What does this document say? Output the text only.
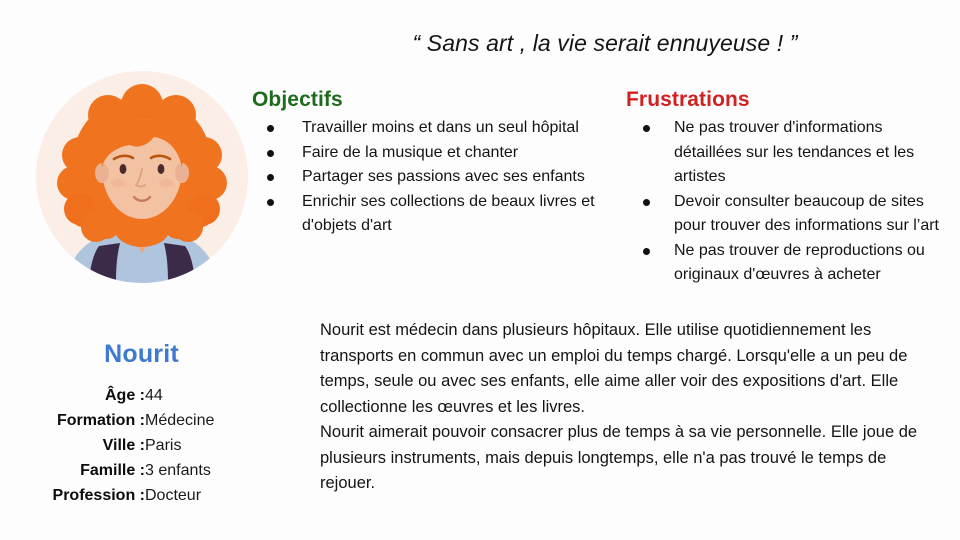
“ Sans art , la vie serait ennuyeuse ! ”
Nourit
Âge :	44
Formation :	Médecine
Ville :	Paris
Famille :	3 enfants
Profession :	Docteur
Objectifs
Travailler moins et dans un seul hôpital
Faire de la musique et chanter
Partager ses passions avec ses enfants
Enrichir ses collections de beaux livres et d'objets d'art
Frustrations
Ne pas trouver d'informations détaillées sur les tendances et les artistes
Devoir consulter beaucoup de sites pour trouver des informations sur l’art
Ne pas trouver de reproductions ou originaux d'œuvres à acheter

Nourit est médecin dans plusieurs hôpitaux. Elle utilise quotidiennement les transports en commun avec un emploi du temps chargé. Lorsqu'elle a un peu de temps, seule ou avec ses enfants, elle aime aller voir des expositions d'art. Elle collectionne les œuvres et les livres.

Nourit aimerait pouvoir consacrer plus de temps à sa vie personnelle. Elle joue de plusieurs instruments, mais depuis longtemps, elle n'a pas trouvé le temps de rejouer.
